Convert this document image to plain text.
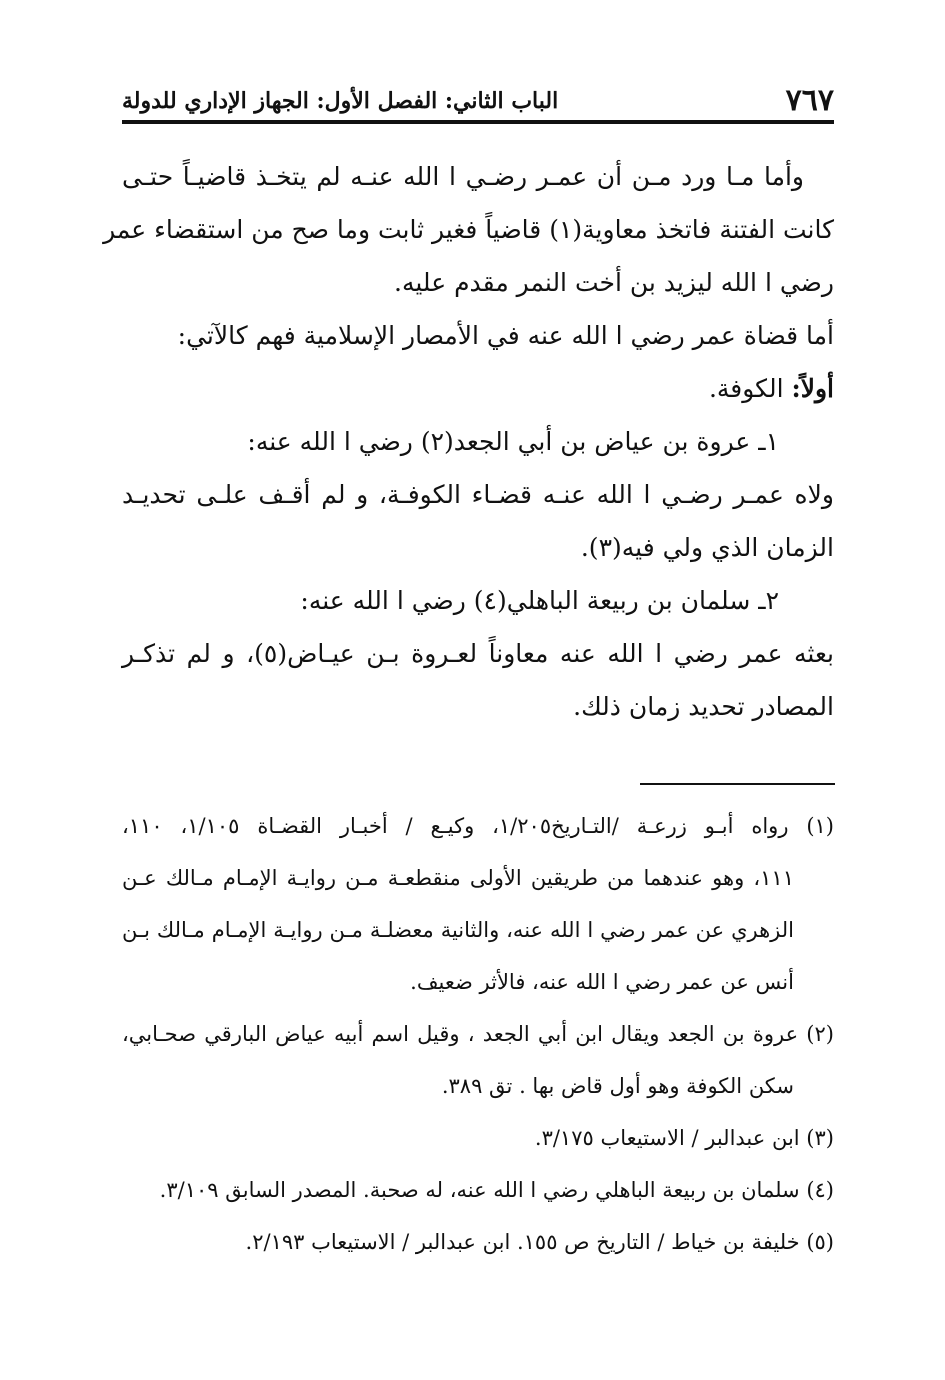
٧٦٧
الباب الثاني: الفصل الأول: الجهاز الإداري للدولة
وأما مـا ورد مـن أن عمـر رضـي ا الله عنـه لم يتخـذ قاضيـاً حتـى
كانت الفتنة فاتخذ معاوية(١) قاضياً فغير ثابت وما صح من استقضاء عمر
رضي ا الله ليزيد بن أخت النمر مقدم عليه.
أما قضاة عمر رضي ا الله عنه في الأمصار الإسلامية فهم كالآتي:
أولاً: الكوفة.
١ـ عروة بن عياض بن أبي الجعد(٢) رضي ا الله عنه:
ولاه عمـر رضـي ا الله عنـه قضـاء الكوفـة، و لم أقـف علـى تحديـد
الزمان الذي ولي فيه(٣).
٢ـ سلمان بن ربيعة الباهلي(٤) رضي ا الله عنه:
بعثه عمر رضي ا الله عنه معاوناً لعـروة بـن عيـاض(٥)، و لم تذكـر
المصادر تحديد زمان ذلك.
(١) رواه أبـو زرعـة /التـاريخ١/٢٠٥، وكيـع / أخبـار القضـاة ١/١٠٥، ١١٠،
١١١، وهو عندهما من طريقين الأولى منقطعـة مـن روايـة الإمـام مـالك عـن
الزهري عن عمر رضي ا الله عنه، والثانية معضلـة مـن روايـة الإمـام مـالك بـن
أنس عن عمر رضي ا الله عنه، فالأثر ضعيف.
(٢) عروة بن الجعد ويقال ابن أبي الجعد ، وقيل اسم أبيه عياض البارقي صحـابي،
سكن الكوفة وهو أول قاض بها . تق ٣٨٩.
(٣) ابن عبدالبر / الاستيعاب ٣/١٧٥.
(٤) سلمان بن ربيعة الباهلي رضي ا الله عنه، له صحبة. المصدر السابق ٣/١٠٩.
(٥) خليفة بن خياط / التاريخ ص ١٥٥. ابن عبدالبر / الاستيعاب ٢/١٩٣.
